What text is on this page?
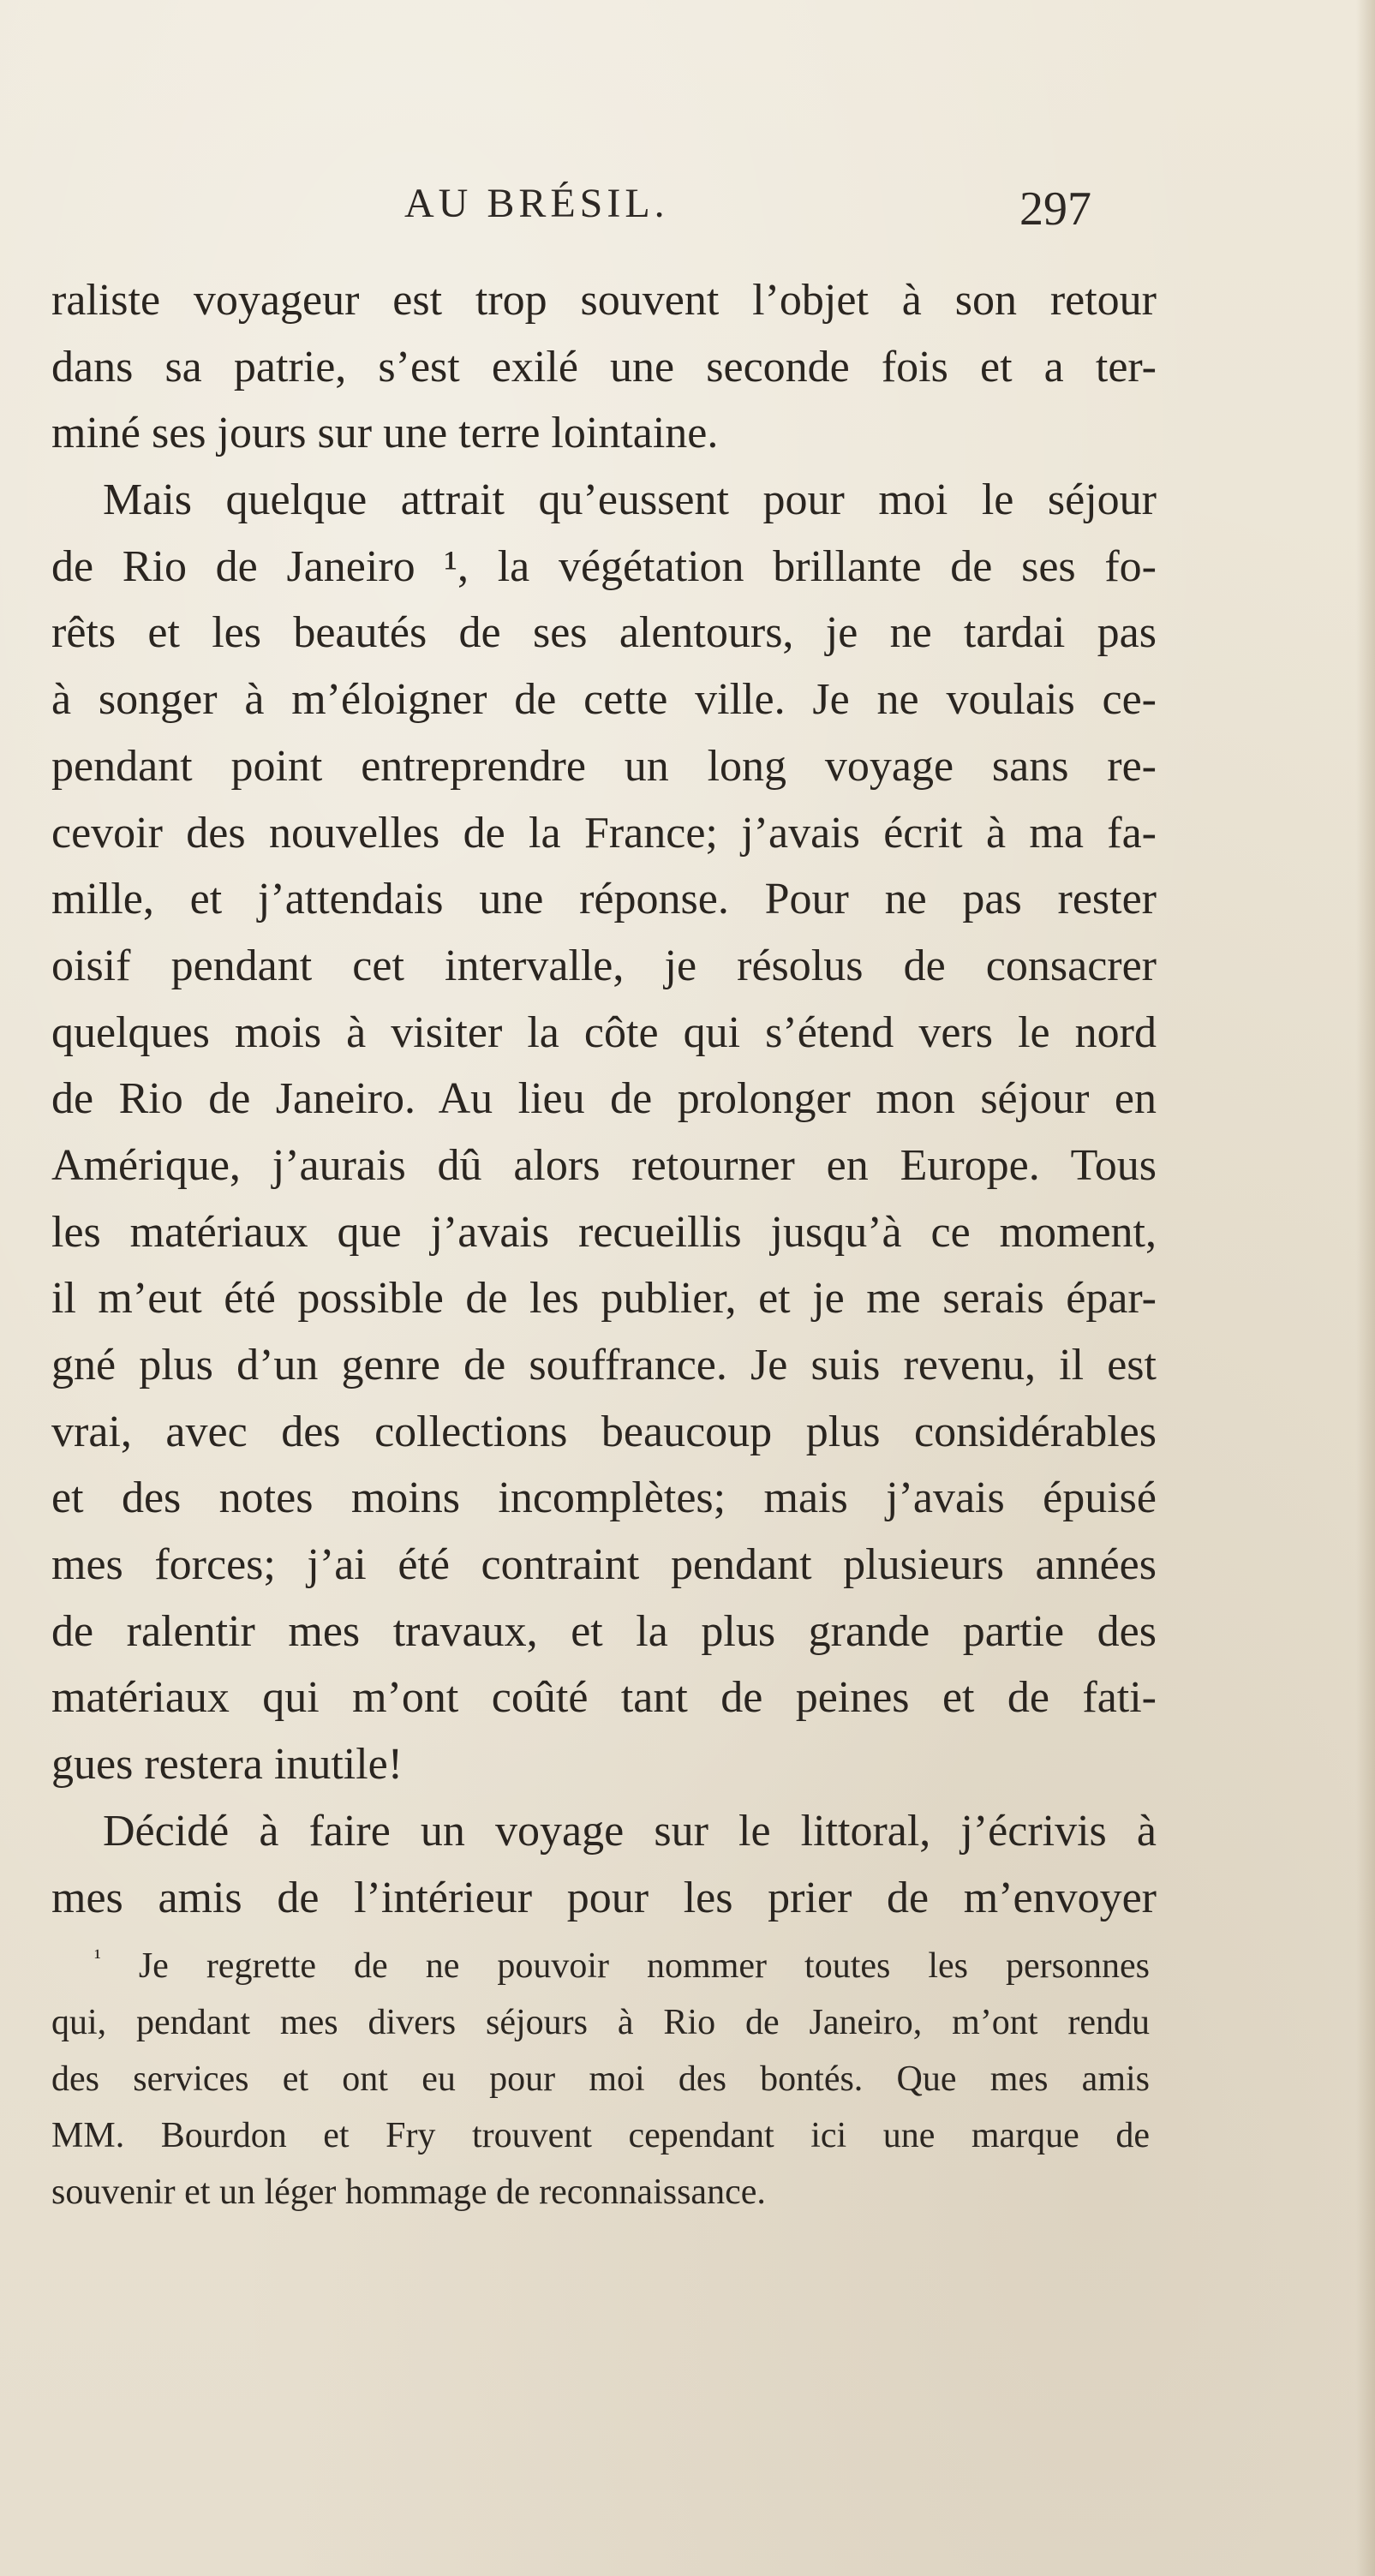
AU BRÉSIL.	297
raliste voyageur est trop souvent l’objet à son retour
dans sa patrie, s’est exilé une seconde fois et a ter-
miné ses jours sur une terre lointaine.
Mais quelque attrait qu’eussent pour moi le séjour
de Rio de Janeiro ¹, la végétation brillante de ses fo-
rêts et les beautés de ses alentours, je ne tardai pas
à songer à m’éloigner de cette ville. Je ne voulais ce-
pendant point entreprendre un long voyage sans re-
cevoir des nouvelles de la France; j’avais écrit à ma fa-
mille, et j’attendais une réponse. Pour ne pas rester
oisif pendant cet intervalle, je résolus de consacrer
quelques mois à visiter la côte qui s’étend vers le nord
de Rio de Janeiro. Au lieu de prolonger mon séjour en
Amérique, j’aurais dû alors retourner en Europe. Tous
les matériaux que j’avais recueillis jusqu’à ce moment,
il m’eut été possible de les publier, et je me serais épar-
gné plus d’un genre de souffrance. Je suis revenu, il est
vrai, avec des collections beaucoup plus considérables
et des notes moins incomplètes; mais j’avais épuisé
mes forces; j’ai été contraint pendant plusieurs années
de ralentir mes travaux, et la plus grande partie des
matériaux qui m’ont coûté tant de peines et de fati-
gues restera inutile!
Décidé à faire un voyage sur le littoral, j’écrivis à
mes amis de l’intérieur pour les prier de m’envoyer
$^{^1}$ Je regrette de ne pouvoir nommer toutes les personnes
qui, pendant mes divers séjours à Rio de Janeiro, m’ont rendu
des services et ont eu pour moi des bontés. Que mes amis
MM. Bourdon et Fry trouvent cependant ici une marque de
souvenir et un léger hommage de reconnaissance.
